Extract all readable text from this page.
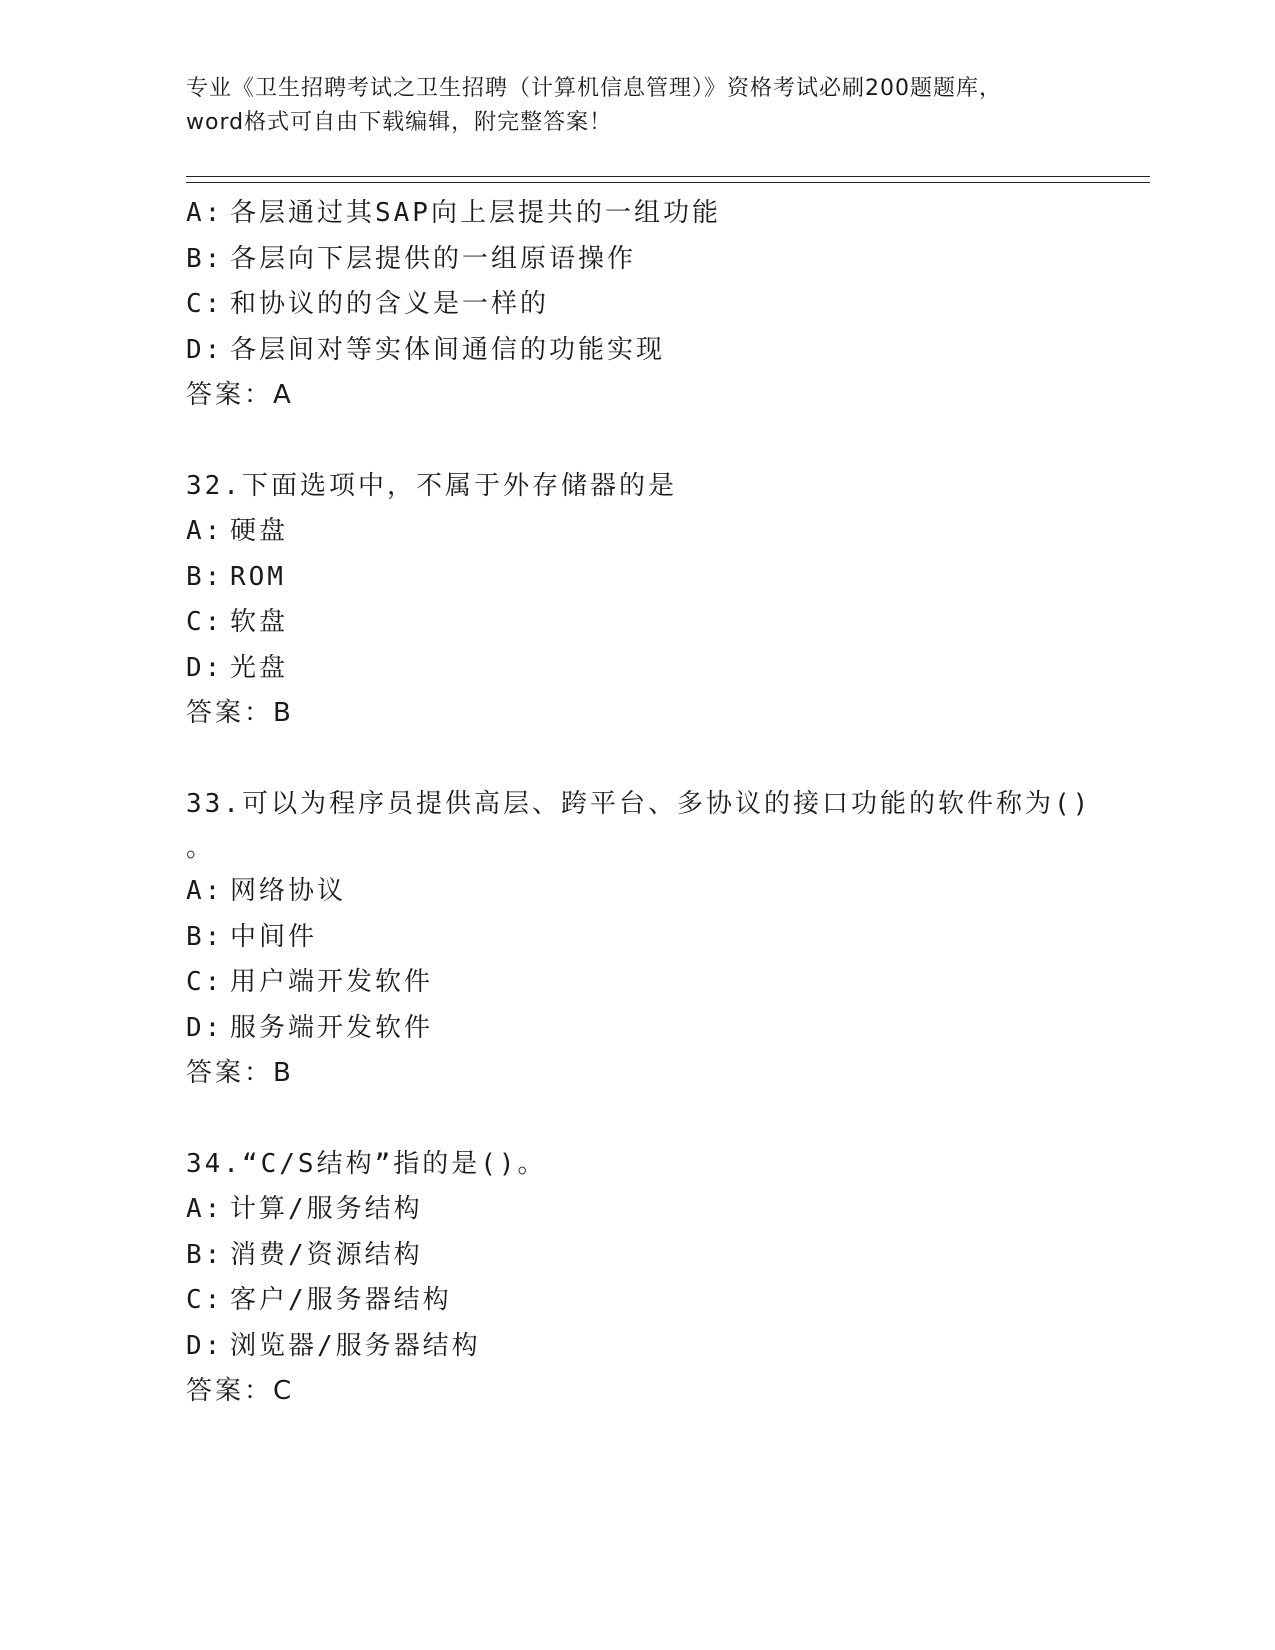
专业《卫生招聘考试之卫生招聘（计算机信息管理）》资格考试必刷200题题库，
word格式可自由下载编辑，附完整答案！
A: 各层通过其SAP向上层提共的一组功能
B: 各层向下层提供的一组原语操作
C: 和协议的的含义是一样的
D: 各层间对等实体间通信的功能实现
答案：A
32.下面选项中，不属于外存储器的是
A: 硬盘
B: ROM
C: 软盘
D: 光盘
答案：B
33.可以为程序员提供高层、跨平台、多协议的接口功能的软件称为()
。
A: 网络协议
B: 中间件
C: 用户端开发软件
D: 服务端开发软件
答案：B
34.“C/S结构”指的是()。
A: 计算/服务结构
B: 消费/资源结构
C: 客户/服务器结构
D: 浏览器/服务器结构
答案：C
